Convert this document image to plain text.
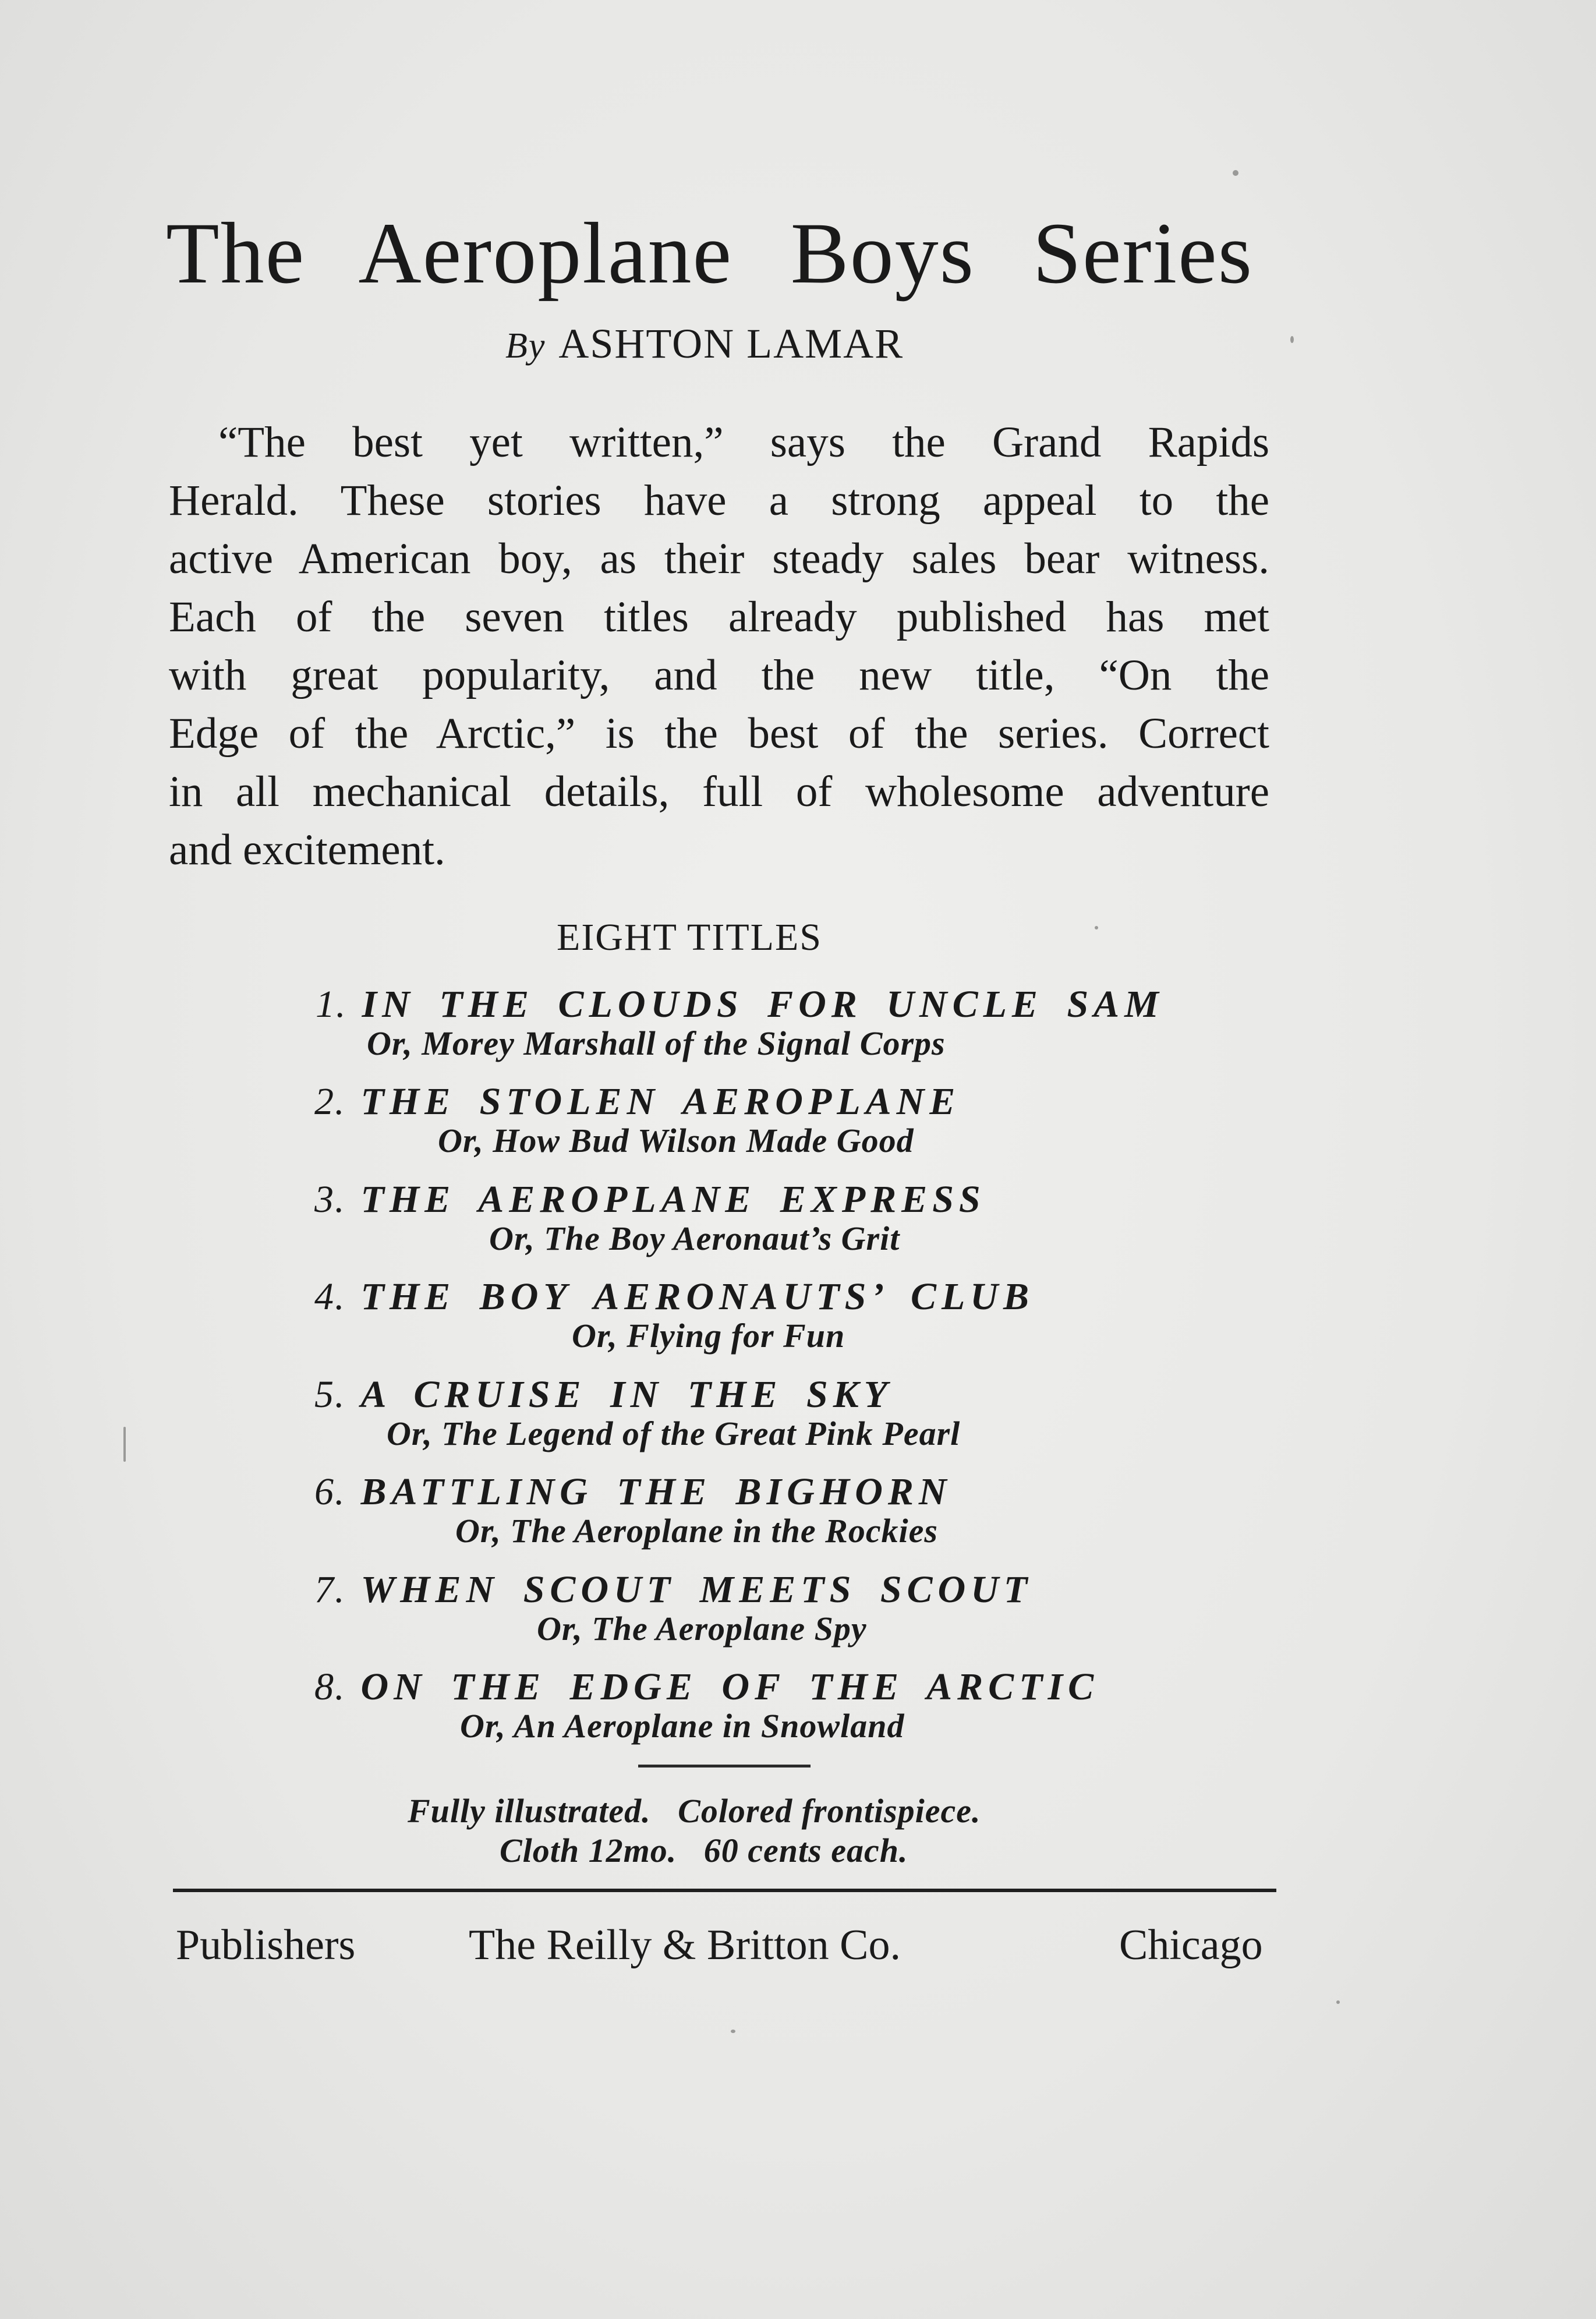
The Aeroplane Boys Series
By ASHTON LAMAR
“The best yet written,” says the Grand Rapids
Herald. These stories have a strong appeal to the
active American boy, as their steady sales bear witness.
Each of the seven titles already published has met
with great popularity, and the new title, “On the
Edge of the Arctic,” is the best of the series. Correct
in all mechanical details, full of wholesome adventure
and excitement.
EIGHT TITLES
1. IN THE CLOUDS FOR UNCLE SAM
Or, Morey Marshall of the Signal Corps
2. THE STOLEN AEROPLANE
Or, How Bud Wilson Made Good
3. THE AEROPLANE EXPRESS
Or, The Boy Aeronaut’s Grit
4. THE BOY AERONAUTS’ CLUB
Or, Flying for Fun
5. A CRUISE IN THE SKY
Or, The Legend of the Great Pink Pearl
6. BATTLING THE BIGHORN
Or, The Aeroplane in the Rockies
7. WHEN SCOUT MEETS SCOUT
Or, The Aeroplane Spy
8. ON THE EDGE OF THE ARCTIC
Or, An Aeroplane in Snowland
Fully illustrated.   Colored frontispiece.
Cloth 12mo.   60 cents each.
Publishers	The Reilly & Britton Co.	Chicago
